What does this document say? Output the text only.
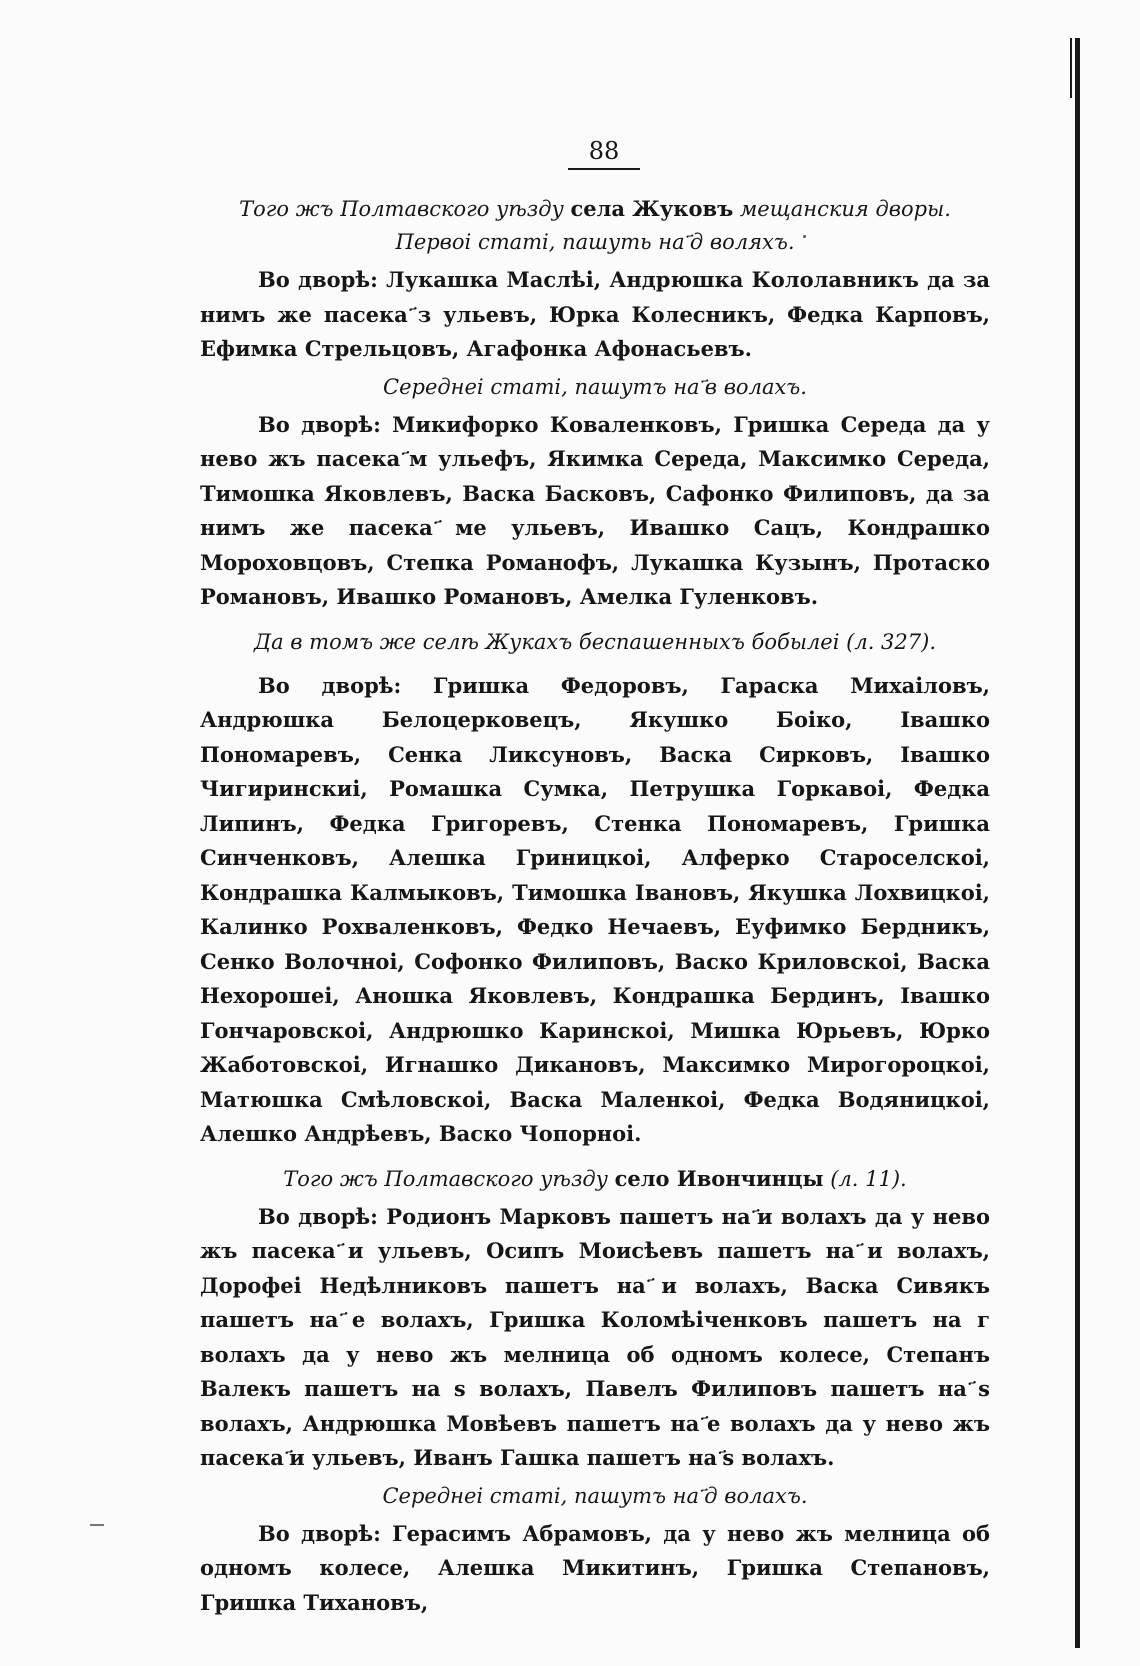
88

Того жъ Полтавского уѣзду села Жуковъ мещанския дворы.

Первоі статі, пашуть на ҃д воляхъ.

Во дворѣ: Лукашка Маслѣі, Андрюшка Кололавникъ да за нимъ же пасека ҃з ульевъ, Юрка Колесникъ, Федка Карповъ, Ефимка Стрельцовъ, Агафонка Афонасьевъ.

Середнеі статі, пашутъ на ҃в волахъ.

Во дворѣ: Микифорко Коваленковъ, Гришка Середа да у нево жъ пасека ҃м ульефъ, Якимка Середа, Максимко Середа, Тимошка Яковлевъ, Васка Басковъ, Сафонко Филиповъ, да за нимъ же пасека ҃ме ульевъ, Ивашко Сацъ, Кондрашко Мороховцовъ, Степка Романофъ, Лукашка Кузынъ, Протаско Романовъ, Ивашко Романовъ, Амелка Гуленковъ.

Да в томъ же селѣ Жукахъ беспашенныхъ бобылеі (л. 327).

Во дворѣ: Гришка Федоровъ, Гараска Михаіловъ, Андрюшка Белоцерковецъ, Якушко Боіко, Івашко Пономаревъ, Сенка Ликсуновъ, Васка Сирковъ, Івашко Чигиринскиі, Ромашка Сумка, Петрушка Горкавоі, Федка Липинъ, Федка Григоревъ, Стенка Пономаревъ, Гришка Синченковъ, Алешка Гриницкоі, Алферко Староселскоі, Кондрашка Калмыковъ, Тимошка Івановъ, Якушка Лохвицкоі, Калинко Рохваленковъ, Федко Нечаевъ, Еуфимко Бердникъ, Сенко Волочноі, Софонко Филиповъ, Васко Криловскоі, Васка Нехорошеі, Аношка Яковлевъ, Кондрашка Бердинъ, Івашко Гончаровскоі, Андрюшко Каринскоі, Мишка Юрьевъ, Юрко Жаботовскоі, Игнашко Дикановъ, Максимко Мирогороцкоі, Матюшка Смѣловскоі, Васка Маленкоі, Федка Водяницкоі, Алешко Андрѣевъ, Васко Чопорноі.

Того жъ Полтавского уѣзду село Ивончинцы (л. 11).

Во дворѣ: Родионъ Марковъ пашетъ на ҃и волахъ да у нево жъ пасека ҃и ульевъ, Осипъ Моисѣевъ пашетъ на ҃и волахъ, Дорофеі Недѣлниковъ пашетъ на ҃и волахъ, Васка Сивякъ пашетъ на ҃е волахъ, Гришка Коломѣіченковъ пашетъ на г волахъ да у нево жъ мелница об одномъ колесе, Степанъ Валекъ пашетъ на s волахъ, Павелъ Филиповъ пашетъ на ҃s волахъ, Андрюшка Мовѣевъ пашетъ на ҃е волахъ да у нево жъ пасека ҃и ульевъ, Иванъ Гашка пашетъ на ҃s волахъ.

Середнеі статі, пашутъ на ҃д волахъ.

Во дворѣ: Герасимъ Абрамовъ, да у нево жъ мелница об одномъ колесе, Алешка Микитинъ, Гришка Степановъ, Гришка Тихановъ,
